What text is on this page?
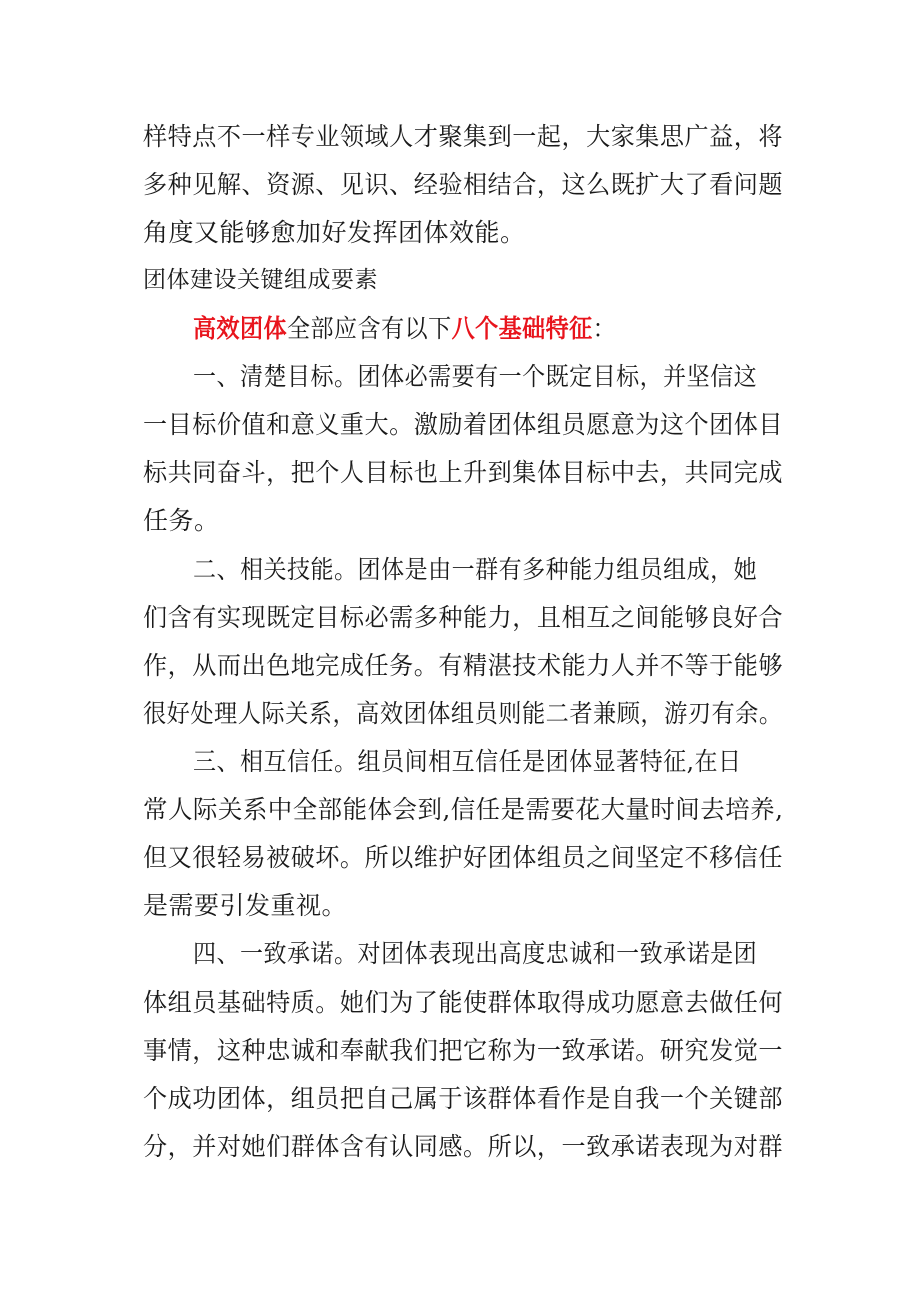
样特点不一样专业领域人才聚集到一起，大家集思广益，将
多种见解、资源、见识、经验相结合，这么既扩大了看问题
角度又能够愈加好发挥团体效能。
团体建设关键组成要素
高效团体全部应含有以下八个基础特征：
一、清楚目标。团体必需要有一个既定目标，并坚信这
一目标价值和意义重大。激励着团体组员愿意为这个团体目
标共同奋斗，把个人目标也上升到集体目标中去，共同完成
任务。
二、相关技能。团体是由一群有多种能力组员组成，她
们含有实现既定目标必需多种能力，且相互之间能够良好合
作，从而出色地完成任务。有精湛技术能力人并不等于能够
很好处理人际关系，高效团体组员则能二者兼顾，游刃有余。
三、相互信任。组员间相互信任是团体显著特征,在日
常人际关系中全部能体会到,信任是需要花大量时间去培养,
但又很轻易被破坏。所以维护好团体组员之间坚定不移信任
是需要引发重视。
四、一致承诺。对团体表现出高度忠诚和一致承诺是团
体组员基础特质。她们为了能使群体取得成功愿意去做任何
事情，这种忠诚和奉献我们把它称为一致承诺。研究发觉一
个成功团体，组员把自己属于该群体看作是自我一个关键部
分，并对她们群体含有认同感。所以，一致承诺表现为对群
